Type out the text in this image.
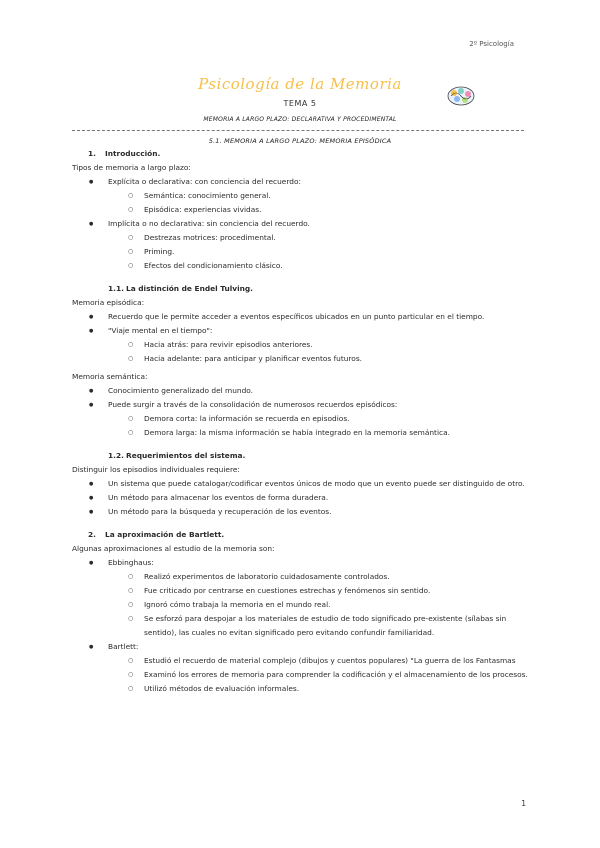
2º Psicología
Psicología de la Memoria
TEMA 5
MEMORIA A LARGO PLAZO: DECLARATIVA Y PROCEDIMENTAL
5.1. MEMORIA A LARGO PLAZO: MEMORIA EPISÓDICA
1. Introducción.
Tipos de memoria a largo plazo:
● Explícita o declarativa: con conciencia del recuerdo:
○ Semántica: conocimiento general.
○ Episódica: experiencias vividas.
● Implícita o no declarativa: sin conciencia del recuerdo.
○ Destrezas motrices: procedimental.
○ Priming.
○ Efectos del condicionamiento clásico.
1.1. La distinción de Endel Tulving.
Memoria episódica:
● Recuerdo que le permite acceder a eventos específicos ubicados en un punto particular en el tiempo.
● "Viaje mental en el tiempo":
○ Hacia atrás: para revivir episodios anteriores.
○ Hacia adelante: para anticipar y planificar eventos futuros.
Memoria semántica:
● Conocimiento generalizado del mundo.
● Puede surgir a través de la consolidación de numerosos recuerdos episódicos:
○ Demora corta: la información se recuerda en episodios.
○ Demora larga: la misma información se había integrado en la memoria semántica.
1.2. Requerimientos del sistema.
Distinguir los episodios individuales requiere:
● Un sistema que puede catalogar/codificar eventos únicos de modo que un evento puede ser distinguido de otro.
● Un método para almacenar los eventos de forma duradera.
● Un método para la búsqueda y recuperación de los eventos.
2. La aproximación de Bartlett.
Algunas aproximaciones al estudio de la memoria son:
● Ebbinghaus:
○ Realizó experimentos de laboratorio cuidadosamente controlados.
○ Fue criticado por centrarse en cuestiones estrechas y fenómenos sin sentido.
○ Ignoró cómo trabaja la memoria en el mundo real.
○ Se esforzó para despojar a los materiales de estudio de todo significado pre-existente (sílabas sin sentido), las cuales no evitan significado pero evitando confundir familiaridad.
● Bartlett:
○ Estudió el recuerdo de material complejo (dibujos y cuentos populares) "La guerra de los Fantasmas
○ Examinó los errores de memoria para comprender la codificación y el almacenamiento de los procesos.
○ Utilizó métodos de evaluación informales.
1
